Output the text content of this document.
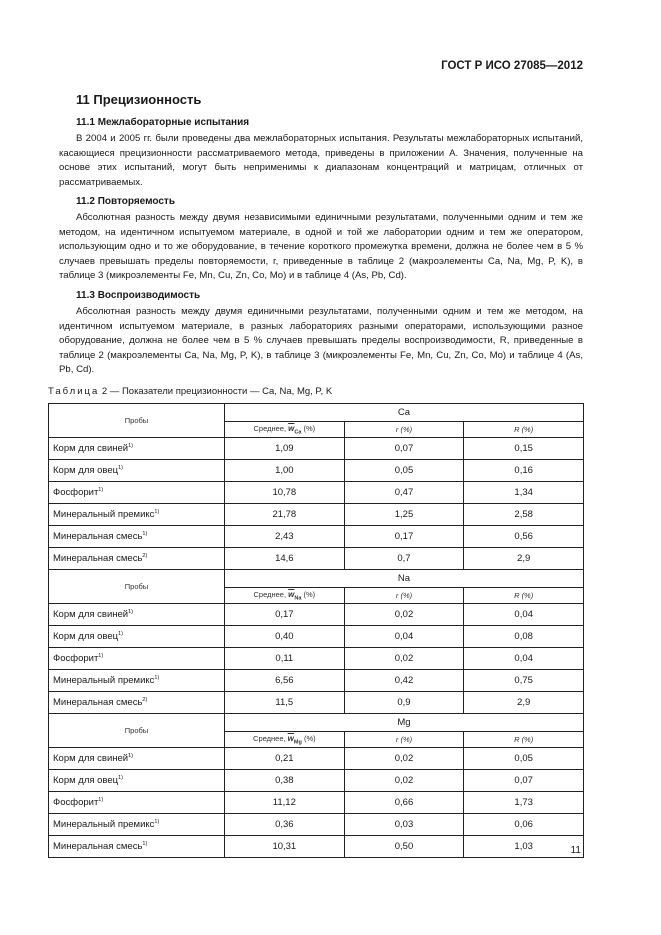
ГОСТ Р ИСО 27085—2012
11 Прецизионность
11.1 Межлабораторные испытания
В 2004 и 2005 гг. были проведены два межлабораторных испытания. Результаты межлабораторных испытаний, касающиеся прецизионности рассматриваемого метода, приведены в приложении А. Значения, полученные на основе этих испытаний, могут быть неприменимы к диапазонам концентраций и матрицам, отличных от рассматриваемых.
11.2 Повторяемость
Абсолютная разность между двумя независимыми единичными результатами, полученными одним и тем же методом, на идентичном испытуемом материале, в одной и той же лаборатории одним и тем же оператором, использующим одно и то же оборудование, в течение короткого промежутка времени, должна не более чем в 5 % случаев превышать пределы повторяемости, r, приведенные в таблице 2 (макроэлементы Ca, Na, Mg, P, K), в таблице 3 (микроэлементы Fe, Mn, Cu, Zn, Co, Mo) и в таблице 4 (As, Pb, Cd).
11.3 Воспроизводимость
Абсолютная разность между двумя единичными результатами, полученными одним и тем же методом, на идентичном испытуемом материале, в разных лабораториях разными операторами, использующими разное оборудование, должна не более чем в 5 % случаев превышать пределы воспроизводимости, R, приведенные в таблице 2 (макроэлементы Ca, Na, Mg, P, K), в таблице 3 (микроэлементы Fe, Mn, Cu, Zn, Co, Mo) и таблице 4 (As, Pb, Cd).
Таблица 2 — Показатели прецизионности — Ca, Na, Mg, P, K
Пробы	Ca		
	Среднее, $\overline{w}_{Ca}$ (%)	r (%)	R (%)
Корм для свиней$^{1)}$	1,09	0,07	0,15
Корм для овец$^{1)}$	1,00	0,05	0,16
Фосфорит$^{1)}$	10,78	0,47	1,34
Минеральный премикс$^{1)}$	21,78	1,25	2,58
Минеральная смесь$^{1)}$	2,43	0,17	0,56
Минеральная смесь$^{2)}$	14,6	0,7	2,9
Пробы	Na		
	Среднее, $\overline{w}_{Na}$ (%)	r (%)	R (%)
Корм для свиней$^{1)}$	0,17	0,02	0,04
Корм для овец$^{1)}$	0,40	0,04	0,08
Фосфорит$^{1)}$	0,11	0,02	0,04
Минеральный премикс$^{1)}$	6,56	0,42	0,75
Минеральная смесь$^{2)}$	11,5	0,9	2,9
Пробы	Mg		
	Среднее, $\overline{w}_{Mg}$ (%)	r (%)	R (%)
Корм для свиней$^{1)}$	0,21	0,02	0,05
Корм для овец$^{1)}$	0,38	0,02	0,07
Фосфорит$^{1)}$	11,12	0,66	1,73
Минеральный премикс$^{1)}$	0,36	0,03	0,06
Минеральная смесь$^{1)}$	10,31	0,50	1,03	11
